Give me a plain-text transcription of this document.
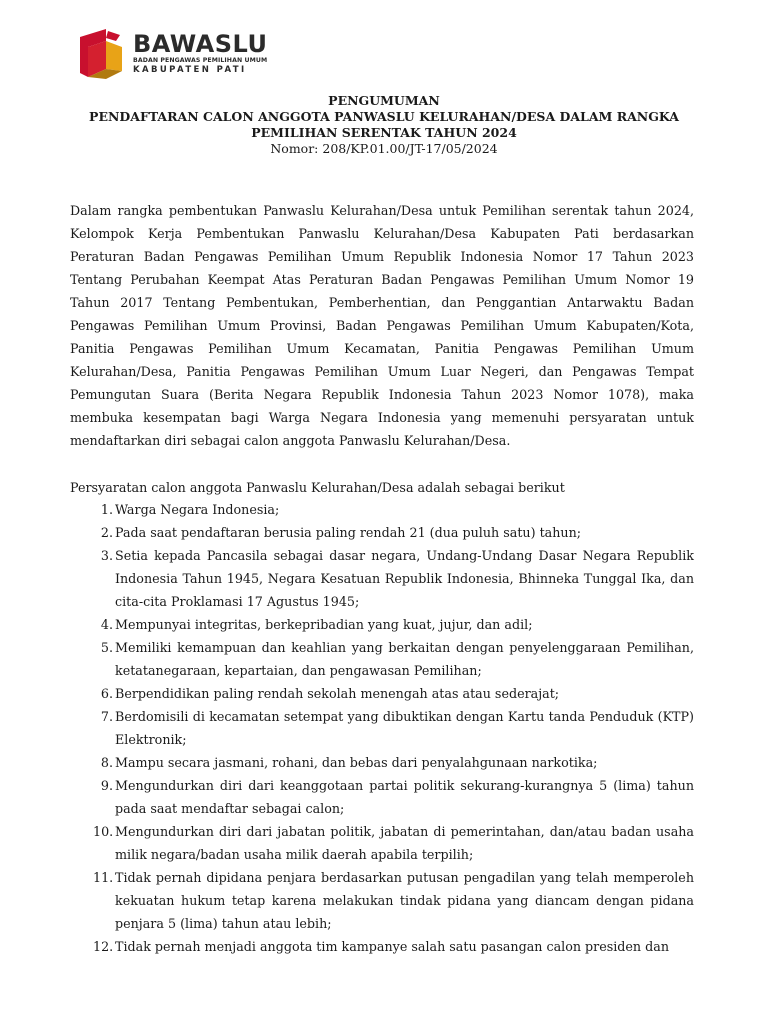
BAWASLU
BADAN PENGAWAS PEMILIHAN UMUM
KABUPATEN PATI
PENGUMUMAN
PENDAFTARAN CALON ANGGOTA PANWASLU KELURAHAN/DESA DALAM RANGKA
PEMILIHAN SERENTAK TAHUN 2024
Nomor: 208/KP.01.00/JT-17/05/2024
Dalam rangka pembentukan Panwaslu Kelurahan/Desa untuk Pemilihan serentak tahun 2024,
Kelompok Kerja Pembentukan Panwaslu Kelurahan/Desa Kabupaten Pati berdasarkan
Peraturan Badan Pengawas Pemilihan Umum Republik Indonesia Nomor 17 Tahun 2023
Tentang Perubahan Keempat Atas Peraturan Badan Pengawas Pemilihan Umum Nomor 19
Tahun 2017 Tentang Pembentukan, Pemberhentian, dan Penggantian Antarwaktu Badan
Pengawas Pemilihan Umum Provinsi, Badan Pengawas Pemilihan Umum Kabupaten/Kota,
Panitia Pengawas Pemilihan Umum Kecamatan, Panitia Pengawas Pemilihan Umum
Kelurahan/Desa, Panitia Pengawas Pemilihan Umum Luar Negeri, dan Pengawas Tempat
Pemungutan Suara (Berita Negara Republik Indonesia Tahun 2023 Nomor 1078), maka
membuka kesempatan bagi Warga Negara Indonesia yang memenuhi persyaratan untuk
mendaftarkan diri sebagai calon anggota Panwaslu Kelurahan/Desa.
Persyaratan calon anggota Panwaslu Kelurahan/Desa adalah sebagai berikut
1. Warga Negara Indonesia;
2. Pada saat pendaftaran berusia paling rendah 21 (dua puluh satu) tahun;
3. Setia kepada Pancasila sebagai dasar negara, Undang-Undang Dasar Negara Republik
Indonesia Tahun 1945, Negara Kesatuan Republik Indonesia, Bhinneka Tunggal Ika, dan
cita-cita Proklamasi 17 Agustus 1945;
4. Mempunyai integritas, berkepribadian yang kuat, jujur, dan adil;
5. Memiliki kemampuan dan keahlian yang berkaitan dengan penyelenggaraan Pemilihan,
ketatanegaraan, kepartaian, dan pengawasan Pemilihan;
6. Berpendidikan paling rendah sekolah menengah atas atau sederajat;
7. Berdomisili di kecamatan setempat yang dibuktikan dengan Kartu tanda Penduduk (KTP)
Elektronik;
8. Mampu secara jasmani, rohani, dan bebas dari penyalahgunaan narkotika;
9. Mengundurkan diri dari keanggotaan partai politik sekurang-kurangnya 5 (lima) tahun
pada saat mendaftar sebagai calon;
10. Mengundurkan diri dari jabatan politik, jabatan di pemerintahan, dan/atau badan usaha
milik negara/badan usaha milik daerah apabila terpilih;
11. Tidak pernah dipidana penjara berdasarkan putusan pengadilan yang telah memperoleh
kekuatan hukum tetap karena melakukan tindak pidana yang diancam dengan pidana
penjara 5 (lima) tahun atau lebih;
12. Tidak pernah menjadi anggota tim kampanye salah satu pasangan calon presiden dan
